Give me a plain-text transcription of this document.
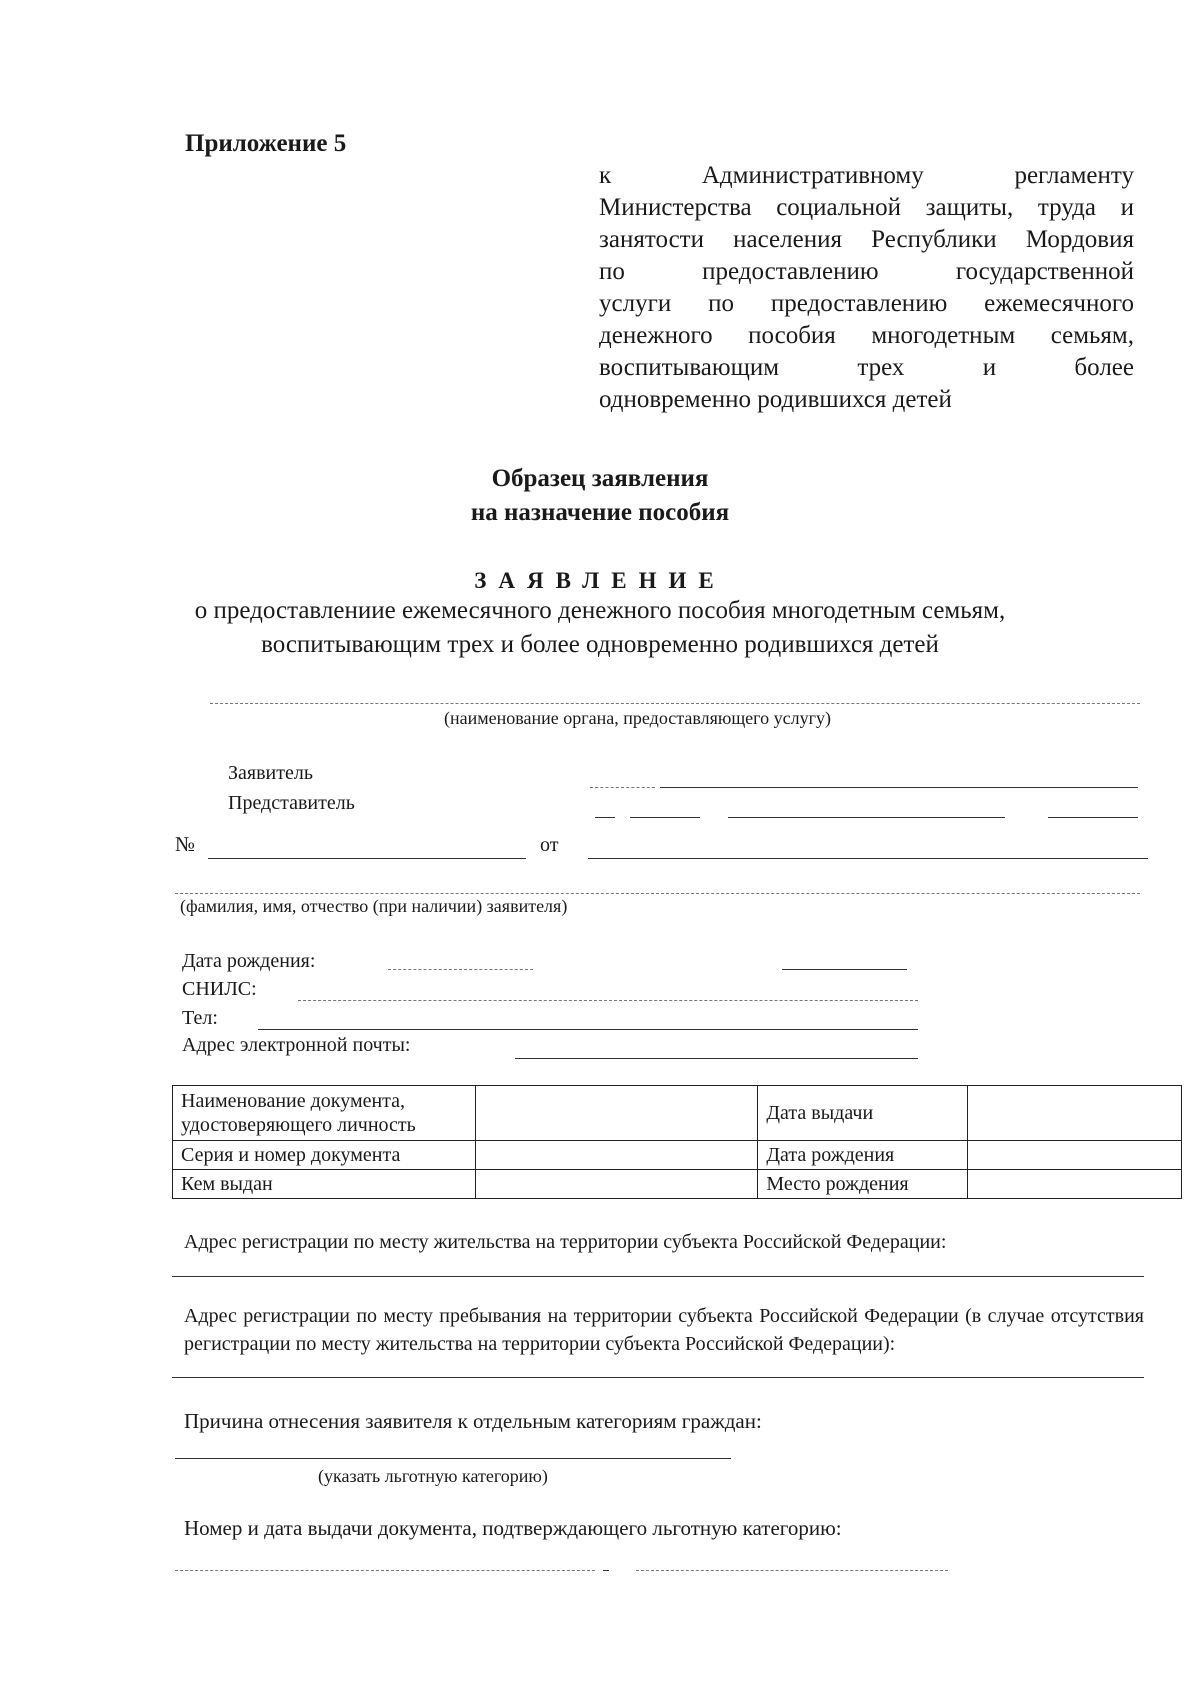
Приложение 5
к Административному регламенту
Министерства социальной защиты, труда и
занятости населения Республики Мордовия
по предоставлению государственной
услуги по предоставлению ежемесячного
денежного пособия многодетным семьям,
воспитывающим трех и более
одновременно родившихся детей
Образец заявления
на назначение пособия
ЗАЯВЛЕНИЕ
о предоставлениие ежемесячного денежного пособия многодетным семьям,
воспитывающим трех и более одновременно родившихся детей
(наименование органа, предоставляющего услугу)
Заявитель
Представитель
№	от
(фамилия, имя, отчество (при наличии) заявителя)
Дата рождения:
СНИЛС:
Тел:
Адрес электронной почты:
Наименование документа, удостоверяющего личность		Дата выдачи	
Серия и номер документа		Дата рождения	
Кем выдан		Место рождения	
Адрес регистрации по месту жительства на территории субъекта Российской Федерации:
Адрес регистрации по месту пребывания на территории субъекта Российской Федерации (в случае отсутствия регистрации по месту жительства на территории субъекта Российской Федерации):
Причина отнесения заявителя к отдельным категориям граждан:
(указать льготную категорию)
Номер и дата выдачи документа, подтверждающего льготную категорию:
